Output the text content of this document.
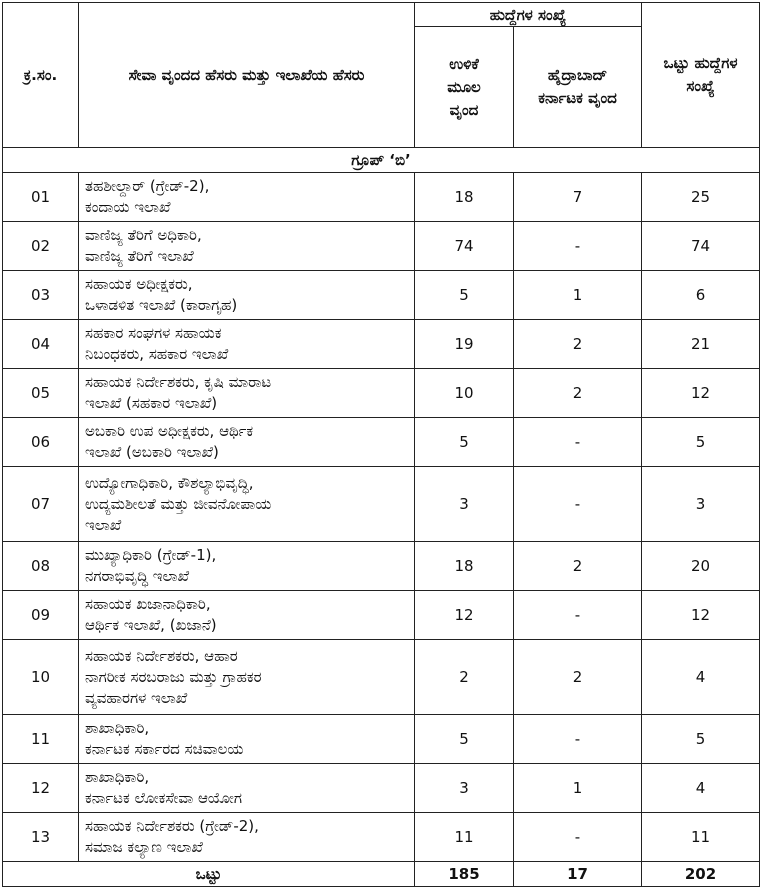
ಕ್ರ.ಸಂ.	ಸೇವಾ ವೃಂದದ ಹೆಸರು ಮತ್ತು ಇಲಾಖೆಯ ಹೆಸರು	ಹುದ್ದೆಗಳ ಸಂಖ್ಯೆ		ಒಟ್ಟು ಹುದ್ದೆಗಳ ಸಂಖ್ಯೆ
		ಉಳಿಕೆ ಮೂಲ ವೃಂದ	ಹೈದ್ರಾಬಾದ್ ಕರ್ನಾಟಕ ವೃಂದ	
ಗ್ರೂಪ್ ‘ಬಿ’				
01	ತಹಶೀಲ್ದಾರ್ (ಗ್ರೇಡ್-2),
ಕಂದಾಯ ಇಲಾಖೆ	18	7	25
02	ವಾಣಿಜ್ಯ ತೆರಿಗೆ ಅಧಿಕಾರಿ,
ವಾಣಿಜ್ಯ ತೆರಿಗೆ ಇಲಾಖೆ	74	-	74
03	ಸಹಾಯಕ ಅಧೀಕ್ಷಕರು,
ಒಳಾಡಳಿತ ಇಲಾಖೆ (ಕಾರಾಗೃಹ)	5	1	6
04	ಸಹಕಾರ ಸಂಘಗಳ ಸಹಾಯಕ
ನಿಬಂಧಕರು, ಸಹಕಾರ ಇಲಾಖೆ	19	2	21
05	ಸಹಾಯಕ ನಿರ್ದೇಶಕರು, ಕೃಷಿ ಮಾರಾಟ
ಇಲಾಖೆ (ಸಹಕಾರ ಇಲಾಖೆ)	10	2	12
06	ಅಬಕಾರಿ ಉಪ ಅಧೀಕ್ಷಕರು, ಆರ್ಥಿಕ
ಇಲಾಖೆ (ಅಬಕಾರಿ ಇಲಾಖೆ)	5	-	5
07	ಉದ್ಯೋಗಾಧಿಕಾರಿ, ಕೌಶಲ್ಯಾಭಿವೃದ್ಧಿ,
ಉದ್ಯಮಶೀಲತೆ ಮತ್ತು ಜೀವನೋಪಾಯ
ಇಲಾಖೆ	3	-	3
08	ಮುಖ್ಯಾಧಿಕಾರಿ (ಗ್ರೇಡ್-1),
ನಗರಾಭಿವೃದ್ಧಿ ಇಲಾಖೆ	18	2	20
09	ಸಹಾಯಕ ಖಜಾನಾಧಿಕಾರಿ,
ಆರ್ಥಿಕ ಇಲಾಖೆ, (ಖಜಾನೆ)	12	-	12
10	ಸಹಾಯಕ ನಿರ್ದೇಶಕರು, ಆಹಾರ
ನಾಗರೀಕ ಸರಬರಾಜು ಮತ್ತು ಗ್ರಾಹಕರ
ವ್ಯವಹಾರಗಳ ಇಲಾಖೆ	2	2	4
11	ಶಾಖಾಧಿಕಾರಿ,
ಕರ್ನಾಟಕ ಸರ್ಕಾರದ ಸಚಿವಾಲಯ	5	-	5
12	ಶಾಖಾಧಿಕಾರಿ,
ಕರ್ನಾಟಕ ಲೋಕಸೇವಾ ಆಯೋಗ	3	1	4
13	ಸಹಾಯಕ ನಿರ್ದೇಶಕರು (ಗ್ರೇಡ್-2),
ಸಮಾಜ ಕಲ್ಯಾಣ ಇಲಾಖೆ	11	-	11
ಒಟ್ಟು		185	17	202
